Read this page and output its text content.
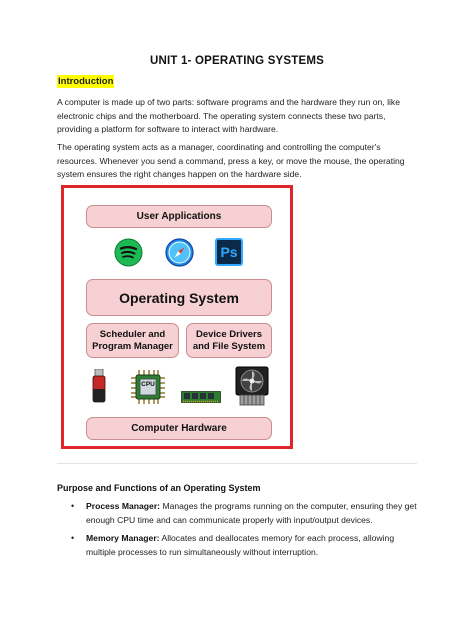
UNIT 1- OPERATING SYSTEMS
Introduction

A computer is made up of two parts: software programs and the hardware they run on, like electronic chips and the motherboard. The operating system connects these two parts, providing a platform for software to interact with hardware.

The operating system acts as a manager, coordinating and controlling the computer's resources. Whenever you send a command, press a key, or move the mouse, the operating system ensures the right changes happen on the hardware side.

User Applications
Ps
Operating System
Scheduler and Program Manager
Device Drivers and File System
CPU
Computer Hardware
Purpose and Functions of an Operating System
• Process Manager: Manages the programs running on the computer, ensuring they get enough CPU time and can communicate properly with input/output devices.
• Memory Manager: Allocates and deallocates memory for each process, allowing multiple processes to run simultaneously without interruption.
